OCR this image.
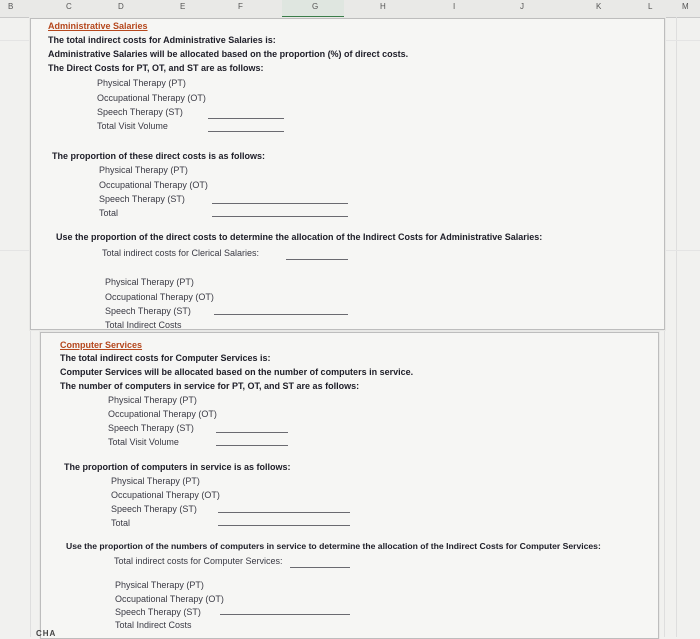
B	C	D	E	F	G	H	I	J	K	L	M
Administrative Salaries
The total indirect costs for Administrative Salaries is:
Administrative Salaries will be allocated based on the proportion (%) of direct costs.
The Direct Costs for PT, OT, and ST are as follows:
Physical Therapy (PT)
Occupational Therapy (OT)
Speech Therapy (ST)
Total Visit Volume
The proportion of these direct costs is as follows:
Physical Therapy (PT)
Occupational Therapy (OT)
Speech Therapy (ST)
Total
Use the proportion of the direct costs to determine the allocation of the Indirect Costs for Administrative Salaries:
Total indirect costs for Clerical Salaries:
Physical Therapy (PT)
Occupational Therapy (OT)
Speech Therapy (ST)
Total Indirect Costs
Computer Services
The total indirect costs for Computer Services is:
Computer Services will be allocated based on the number of computers in service.
The number of computers in service for PT, OT, and ST are as follows:
Physical Therapy (PT)
Occupational Therapy (OT)
Speech Therapy (ST)
Total Visit Volume
The proportion of computers in service is as follows:
Physical Therapy (PT)
Occupational Therapy (OT)
Speech Therapy (ST)
Total
Use the proportion of the numbers of computers in service to determine the allocation of the Indirect Costs for Computer Services:
Total indirect costs for Computer Services:
Physical Therapy (PT)
Occupational Therapy (OT)
Speech Therapy (ST)
Total Indirect Costs
CHA
